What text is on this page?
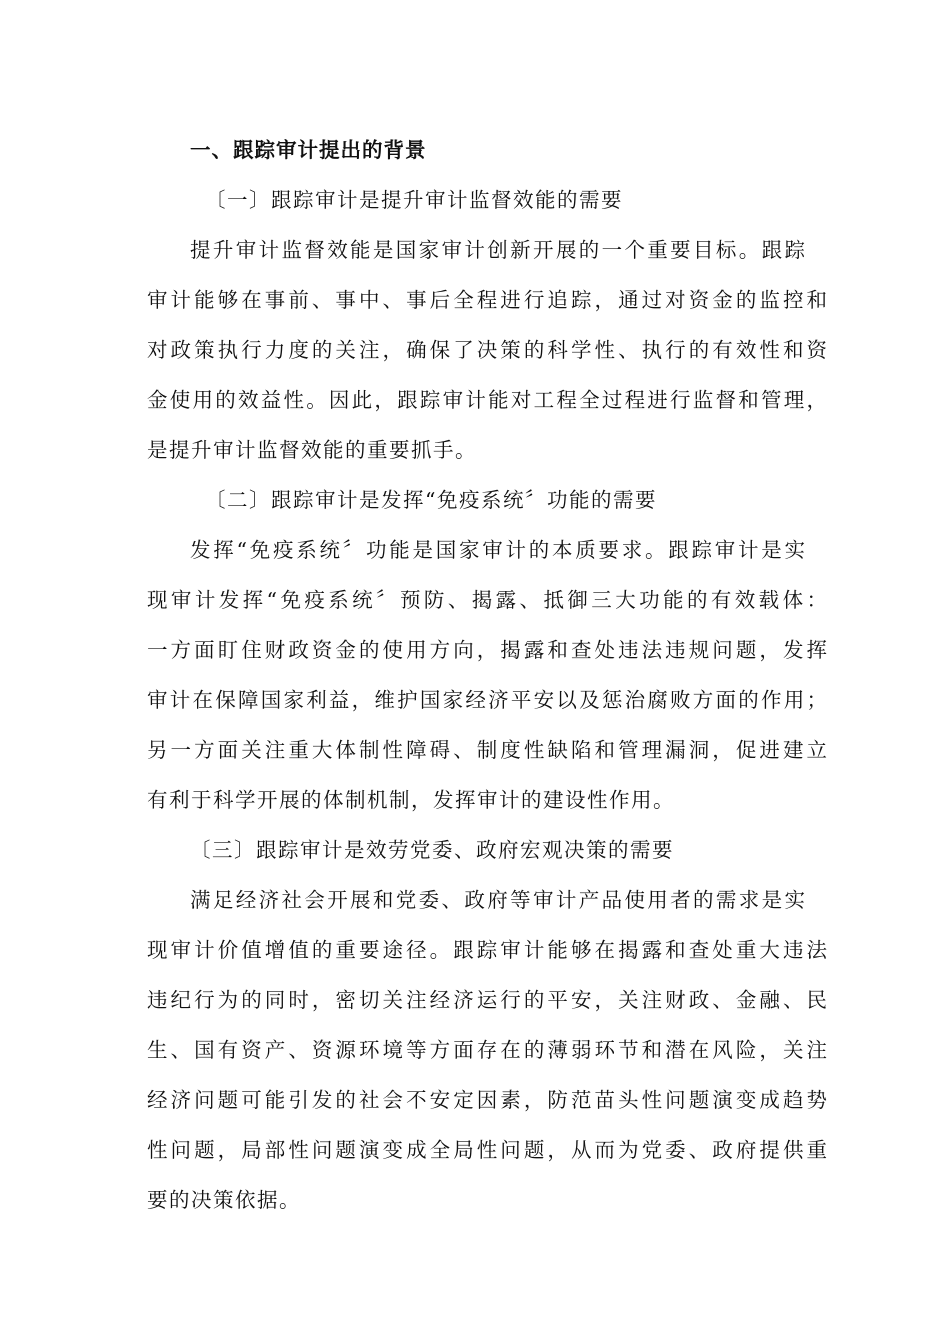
一、跟踪审计提出的背景
〔一〕跟踪审计是提升审计监督效能的需要
提升审计监督效能是国家审计创新开展的一个重要目标。跟踪
审计能够在事前、事中、事后全程进行追踪，通过对资金的监控和
对政策执行力度的关注，确保了决策的科学性、执行的有效性和资
金使用的效益性。因此，跟踪审计能对工程全过程进行监督和管理，
是提升审计监督效能的重要抓手。
〔二〕跟踪审计是发挥“免疫系统〞功能的需要
发挥“免疫系统〞功能是国家审计的本质要求。跟踪审计是实
现审计发挥“免疫系统〞预防、揭露、抵御三大功能的有效载体：
一方面盯住财政资金的使用方向，揭露和查处违法违规问题，发挥
审计在保障国家利益，维护国家经济平安以及惩治腐败方面的作用；
另一方面关注重大体制性障碍、制度性缺陷和管理漏洞，促进建立
有利于科学开展的体制机制，发挥审计的建设性作用。
〔三〕跟踪审计是效劳党委、政府宏观决策的需要
满足经济社会开展和党委、政府等审计产品使用者的需求是实
现审计价值增值的重要途径。跟踪审计能够在揭露和查处重大违法
违纪行为的同时，密切关注经济运行的平安，关注财政、金融、民
生、国有资产、资源环境等方面存在的薄弱环节和潜在风险，关注
经济问题可能引发的社会不安定因素，防范苗头性问题演变成趋势
性问题，局部性问题演变成全局性问题，从而为党委、政府提供重
要的决策依据。
